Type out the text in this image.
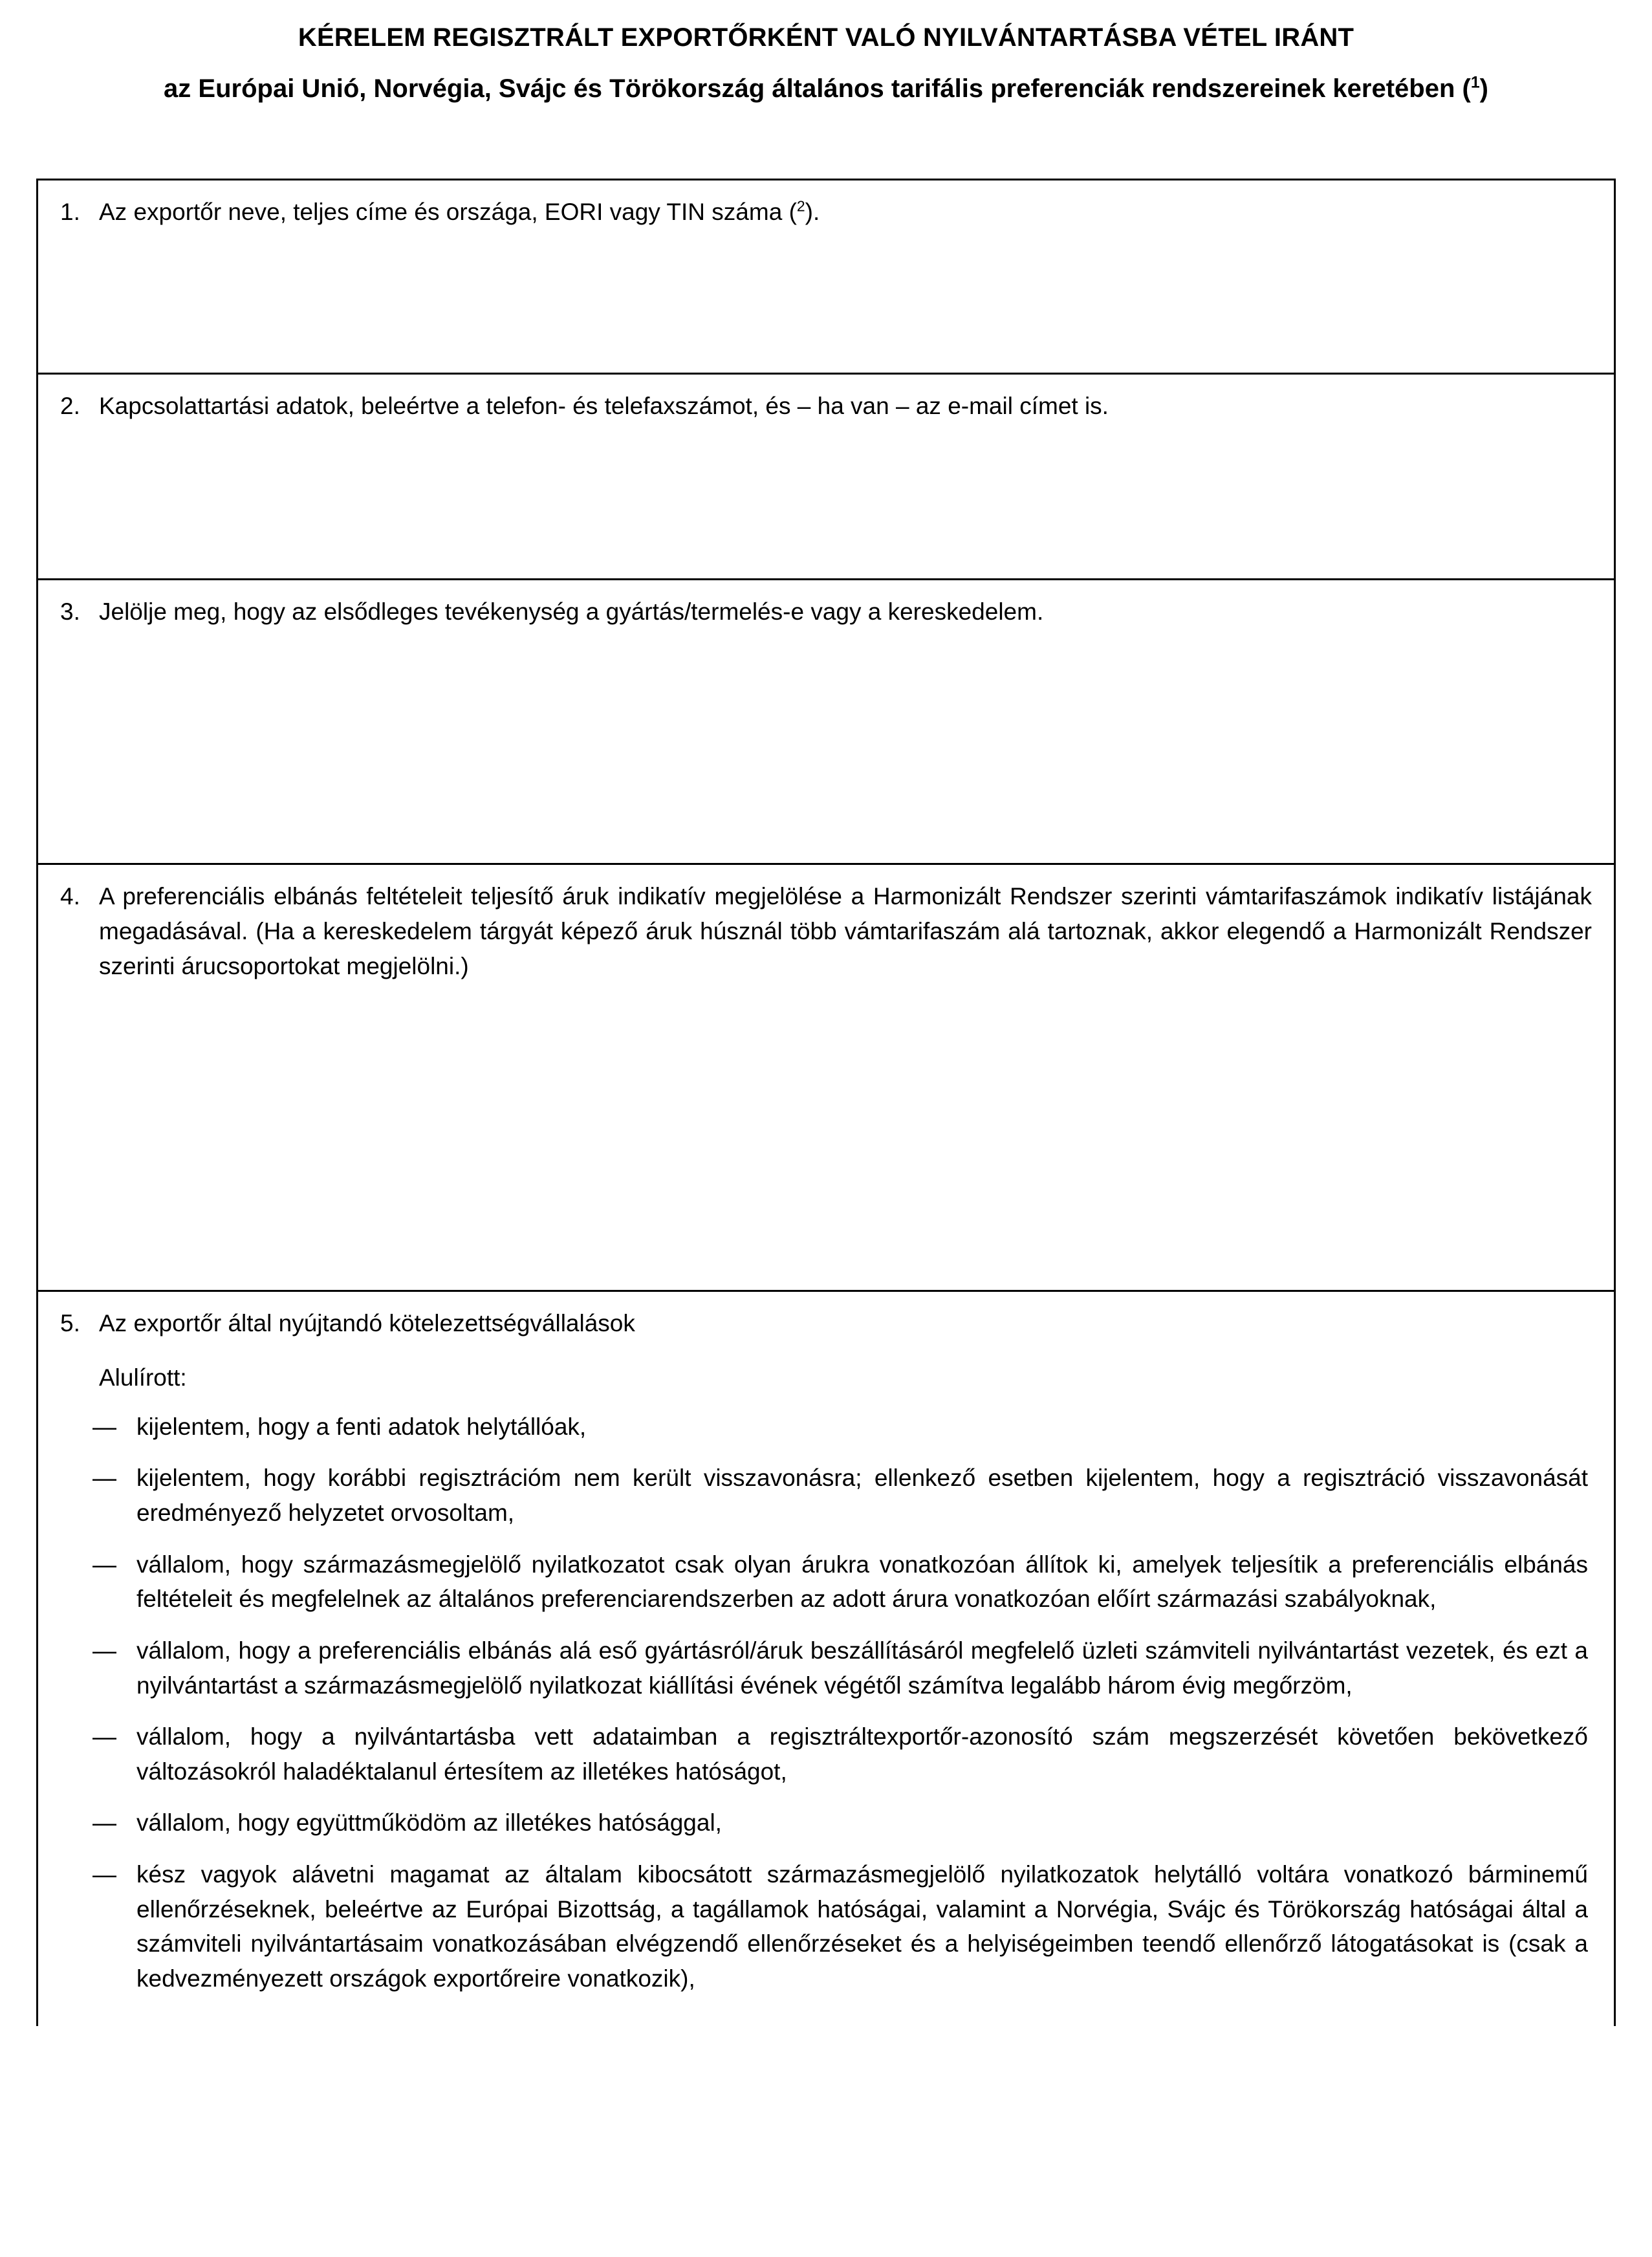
KÉRELEM REGISZTRÁLT EXPORTŐRKÉNT VALÓ NYILVÁNTARTÁSBA VÉTEL IRÁNT
az Európai Unió, Norvégia, Svájc és Törökország általános tarifális preferenciák rendszereinek keretében ($^1$)
1. Az exportőr neve, teljes címe és országa, EORI vagy TIN száma ($^2$).
2. Kapcsolattartási adatok, beleértve a telefon- és telefaxszámot, és – ha van – az e-mail címet is.
3. Jelölje meg, hogy az elsődleges tevékenység a gyártás/termelés-e vagy a kereskedelem.
4. A preferenciális elbánás feltételeit teljesítő áruk indikatív megjelölése a Harmonizált Rendszer szerinti vámtarifaszámok indikatív listájának megadásával. (Ha a kereskedelem tárgyát képező áruk húsznál több vámtarifaszám alá tartoznak, akkor elegendő a Harmonizált Rendszer szerinti árucsoportokat megjelölni.)
5. Az exportőr által nyújtandó kötelezettségvállalások
Alulírott:
— kijelentem, hogy a fenti adatok helytállóak,
— kijelentem, hogy korábbi regisztrációm nem került visszavonásra; ellenkező esetben kijelentem, hogy a regisztráció visszavonását eredményező helyzetet orvosoltam,
— vállalom, hogy származásmegjelölő nyilatkozatot csak olyan árukra vonatkozóan állítok ki, amelyek teljesítik a preferenciális elbánás feltételeit és megfelelnek az általános preferenciarendszerben az adott árura vonatkozóan előírt származási szabályoknak,
— vállalom, hogy a preferenciális elbánás alá eső gyártásról/áruk beszállításáról megfelelő üzleti számviteli nyilvántartást vezetek, és ezt a nyilvántartást a származásmegjelölő nyilatkozat kiállítási évének végétől számítva legalább három évig megőrzöm,
— vállalom, hogy a nyilvántartásba vett adataimban a regisztráltexportőr-azonosító szám megszerzését követően bekövetkező változásokról haladéktalanul értesítem az illetékes hatóságot,
— vállalom, hogy együttműködöm az illetékes hatósággal,
— kész vagyok alávetni magamat az általam kibocsátott származásmegjelölő nyilatkozatok helytálló voltára vonatkozó bárminemű ellenőrzéseknek, beleértve az Európai Bizottság, a tagállamok hatóságai, valamint a Norvégia, Svájc és Törökország hatóságai által a számviteli nyilvántartásaim vonatkozásában elvégzendő ellenőrzéseket és a helyiségeimben teendő ellenőrző látogatásokat is (csak a kedvezményezett országok exportőreire vonatkozik),
